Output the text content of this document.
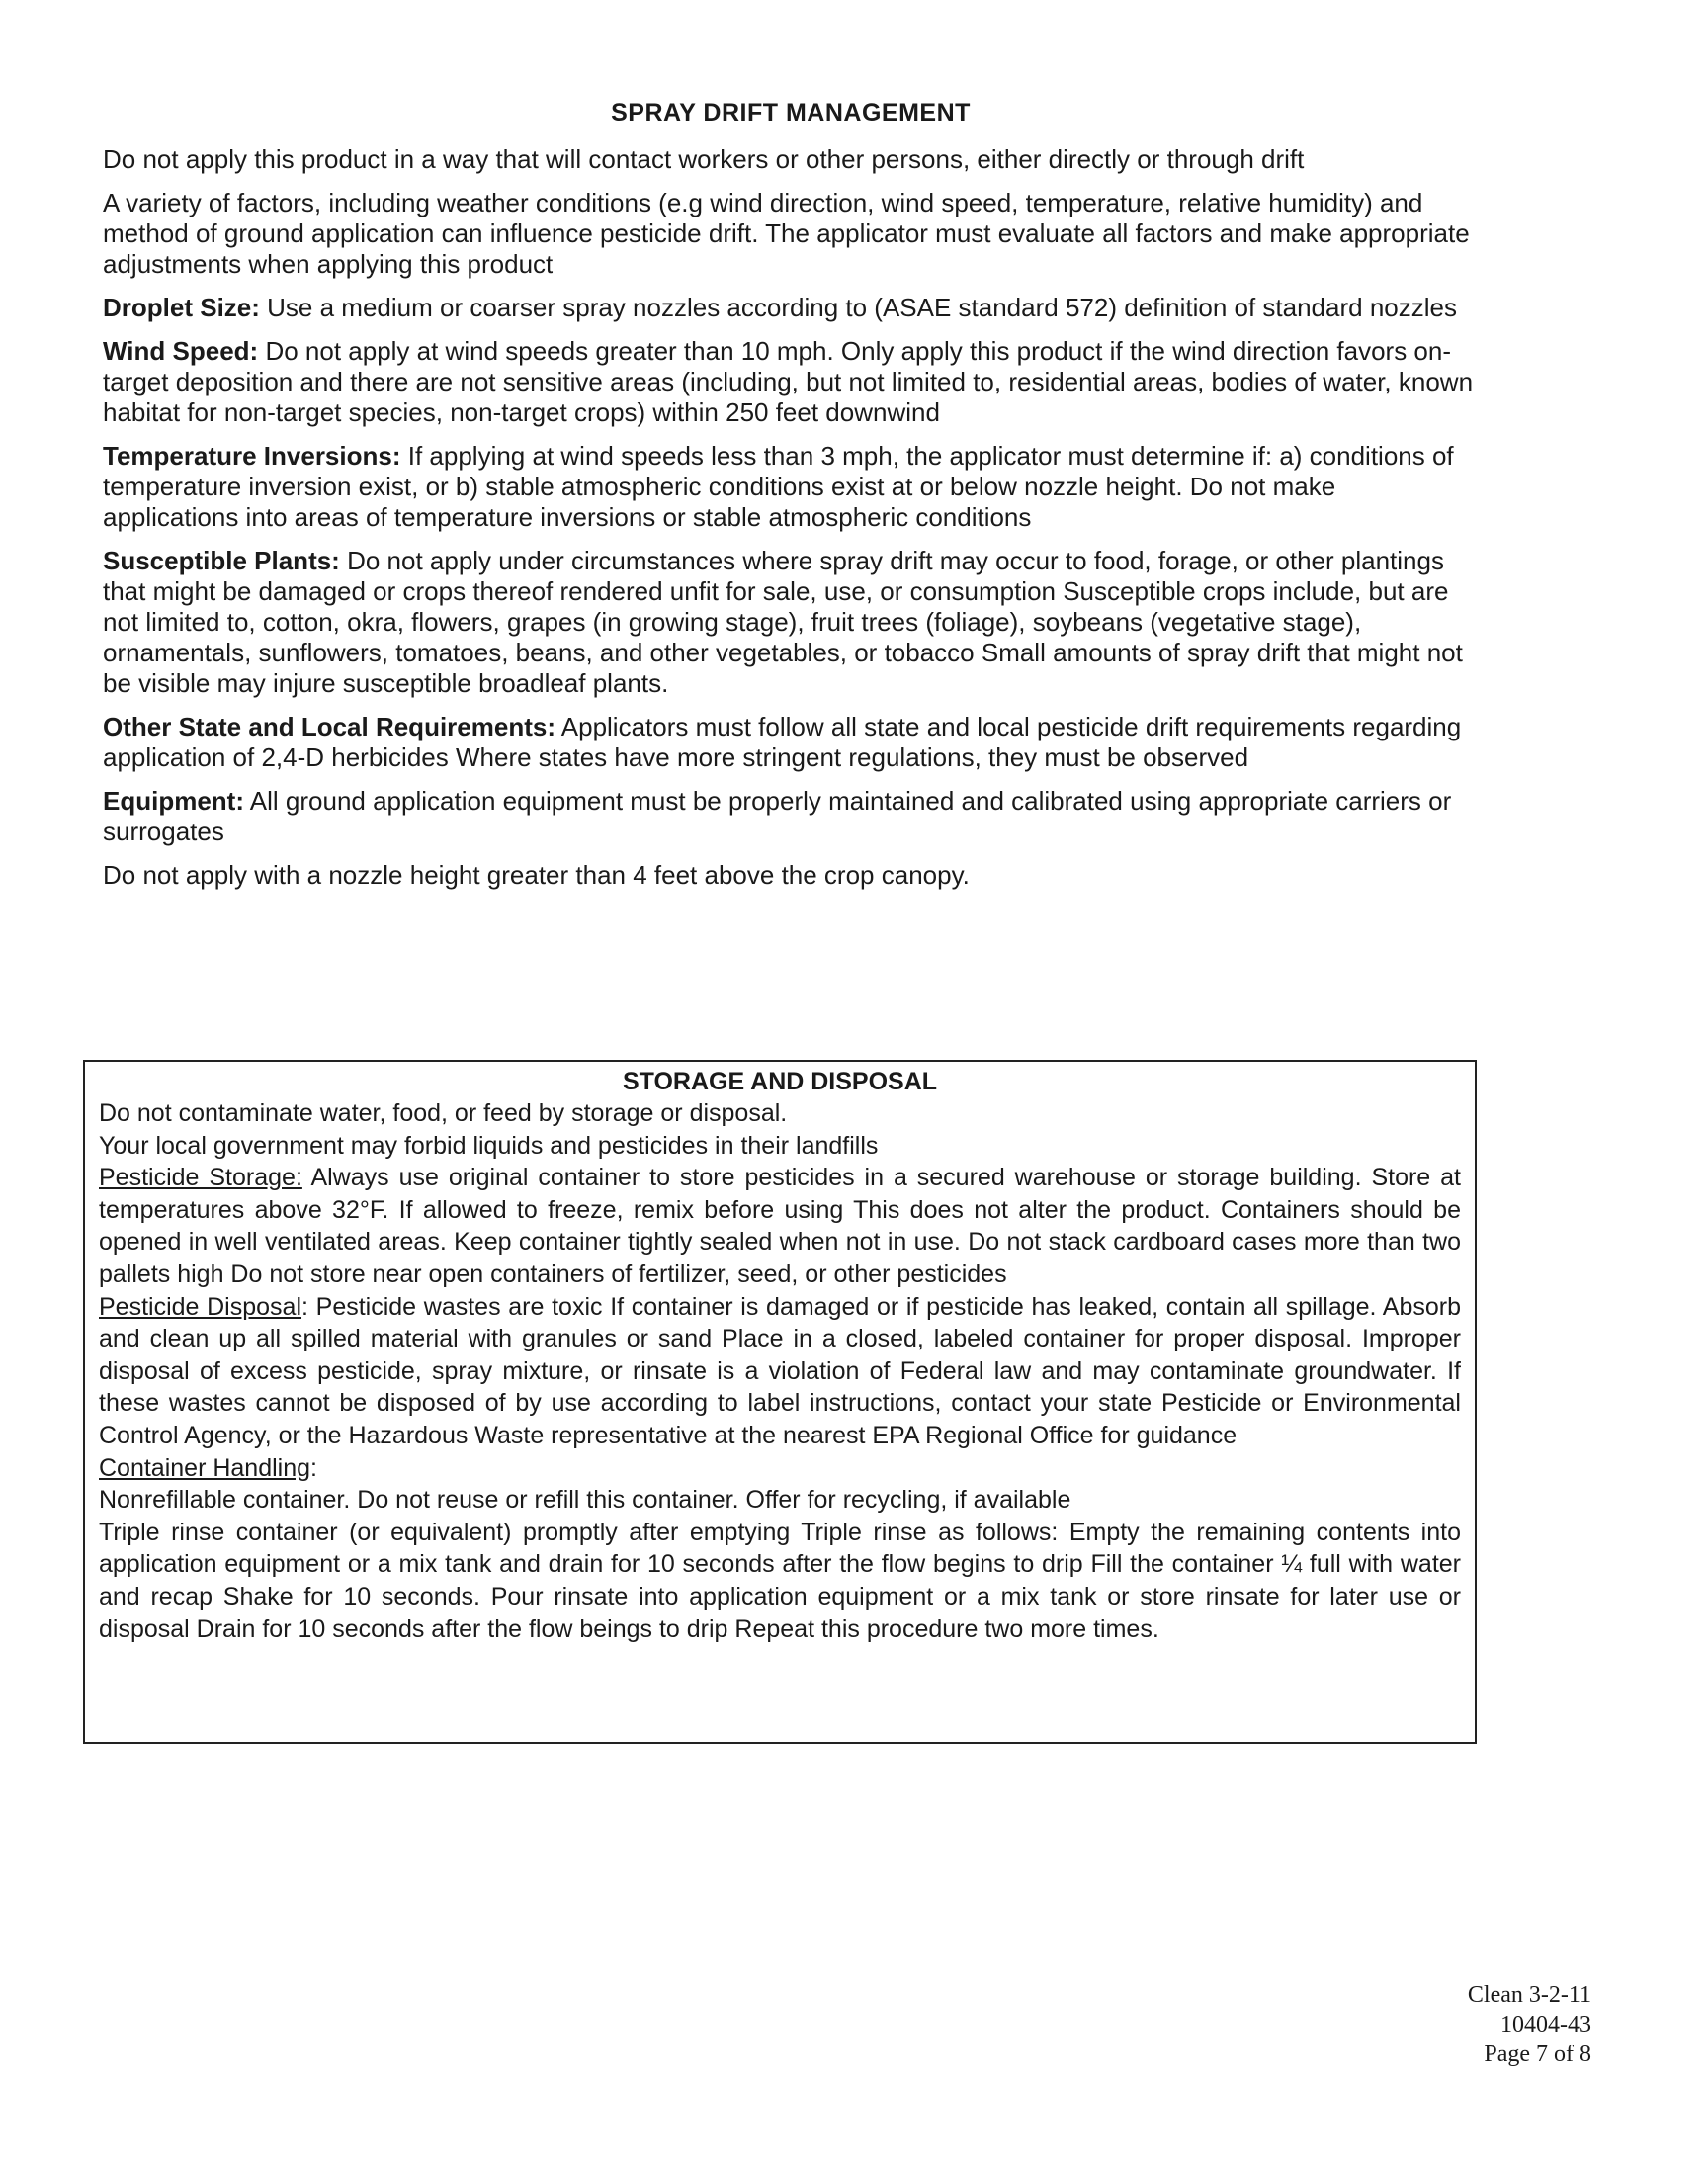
SPRAY DRIFT MANAGEMENT

Do not apply this product in a way that will contact workers or other persons, either directly or through drift

A variety of factors, including weather conditions (e.g wind direction, wind speed, temperature, relative humidity) and method of ground application can influence pesticide drift. The applicator must evaluate all factors and make appropriate adjustments when applying this product

Droplet Size: Use a medium or coarser spray nozzles according to (ASAE standard 572) definition of standard nozzles

Wind Speed: Do not apply at wind speeds greater than 10 mph. Only apply this product if the wind direction favors on-target deposition and there are not sensitive areas (including, but not limited to, residential areas, bodies of water, known habitat for non-target species, non-target crops) within 250 feet downwind

Temperature Inversions: If applying at wind speeds less than 3 mph, the applicator must determine if: a) conditions of temperature inversion exist, or b) stable atmospheric conditions exist at or below nozzle height. Do not make applications into areas of temperature inversions or stable atmospheric conditions

Susceptible Plants: Do not apply under circumstances where spray drift may occur to food, forage, or other plantings that might be damaged or crops thereof rendered unfit for sale, use, or consumption Susceptible crops include, but are not limited to, cotton, okra, flowers, grapes (in growing stage), fruit trees (foliage), soybeans (vegetative stage), ornamentals, sunflowers, tomatoes, beans, and other vegetables, or tobacco Small amounts of spray drift that might not be visible may injure susceptible broadleaf plants.

Other State and Local Requirements: Applicators must follow all state and local pesticide drift requirements regarding application of 2,4-D herbicides Where states have more stringent regulations, they must be observed

Equipment: All ground application equipment must be properly maintained and calibrated using appropriate carriers or surrogates

Do not apply with a nozzle height greater than 4 feet above the crop canopy.

STORAGE AND DISPOSAL

Do not contaminate water, food, or feed by storage or disposal.

Your local government may forbid liquids and pesticides in their landfills

Pesticide Storage: Always use original container to store pesticides in a secured warehouse or storage building. Store at temperatures above 32°F. If allowed to freeze, remix before using This does not alter the product. Containers should be opened in well ventilated areas. Keep container tightly sealed when not in use. Do not stack cardboard cases more than two pallets high Do not store near open containers of fertilizer, seed, or other pesticides

Pesticide Disposal: Pesticide wastes are toxic If container is damaged or if pesticide has leaked, contain all spillage. Absorb and clean up all spilled material with granules or sand Place in a closed, labeled container for proper disposal. Improper disposal of excess pesticide, spray mixture, or rinsate is a violation of Federal law and may contaminate groundwater. If these wastes cannot be disposed of by use according to label instructions, contact your state Pesticide or Environmental Control Agency, or the Hazardous Waste representative at the nearest EPA Regional Office for guidance

Container Handling:

Nonrefillable container. Do not reuse or refill this container. Offer for recycling, if available

Triple rinse container (or equivalent) promptly after emptying Triple rinse as follows: Empty the remaining contents into application equipment or a mix tank and drain for 10 seconds after the flow begins to drip Fill the container ¼ full with water and recap Shake for 10 seconds. Pour rinsate into application equipment or a mix tank or store rinsate for later use or disposal Drain for 10 seconds after the flow beings to drip Repeat this procedure two more times.

Clean 3-2-11
10404-43
Page 7 of 8
